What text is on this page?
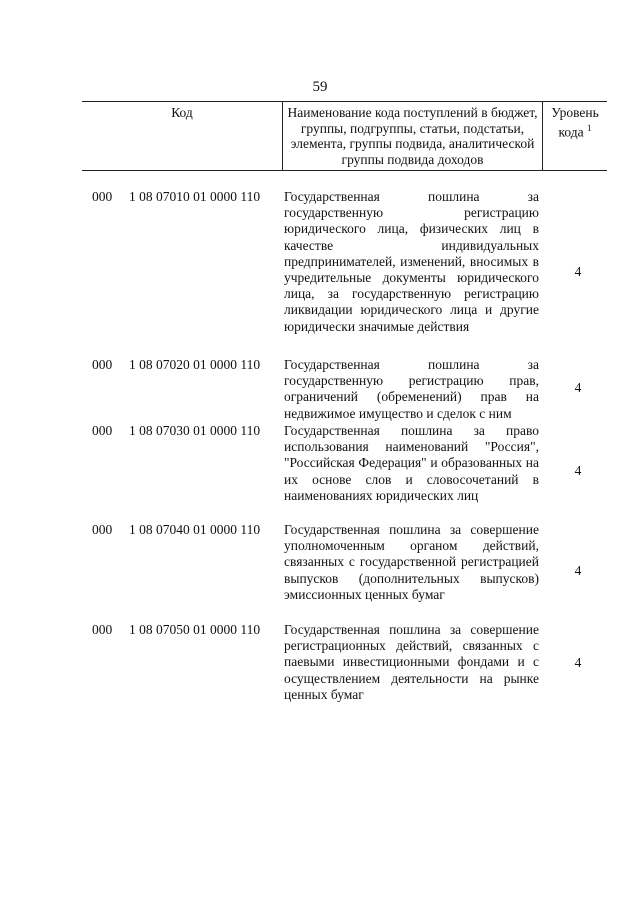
59
Код	Наименование кода поступлений в бюджет, группы, подгруппы, статьи, подстатьи, элемента, группы подвида, аналитической группы подвида доходов
Уровень кода $^1$
000 1 08 07010 01 0000 110 Государственная пошлина за государственную регистрацию юридического лица, физических лиц в качестве индивидуальных предпринимателей, изменений, вносимых в учредительные документы юридического лица, за государственную регистрацию ликвидации юридического лица и другие юридически значимые действия
4
000 1 08 07020 01 0000 110 Государственная пошлина за государственную регистрацию прав, ограничений (обременений) прав на недвижимое имущество и сделок с ним
4
000 1 08 07030 01 0000 110 Государственная пошлина за право использования наименований "Россия", "Российская Федерация" и образованных на их основе слов и словосочетаний в наименованиях юридических лиц
4
000 1 08 07040 01 0000 110 Государственная пошлина за совершение уполномоченным органом действий, связанных с государственной регистрацией выпусков (дополнительных выпусков) эмиссионных ценных бумаг
4
000 1 08 07050 01 0000 110 Государственная пошлина за совершение регистрационных действий, связанных с паевыми инвестиционными фондами и с осуществлением деятельности на рынке ценных бумаг
4
